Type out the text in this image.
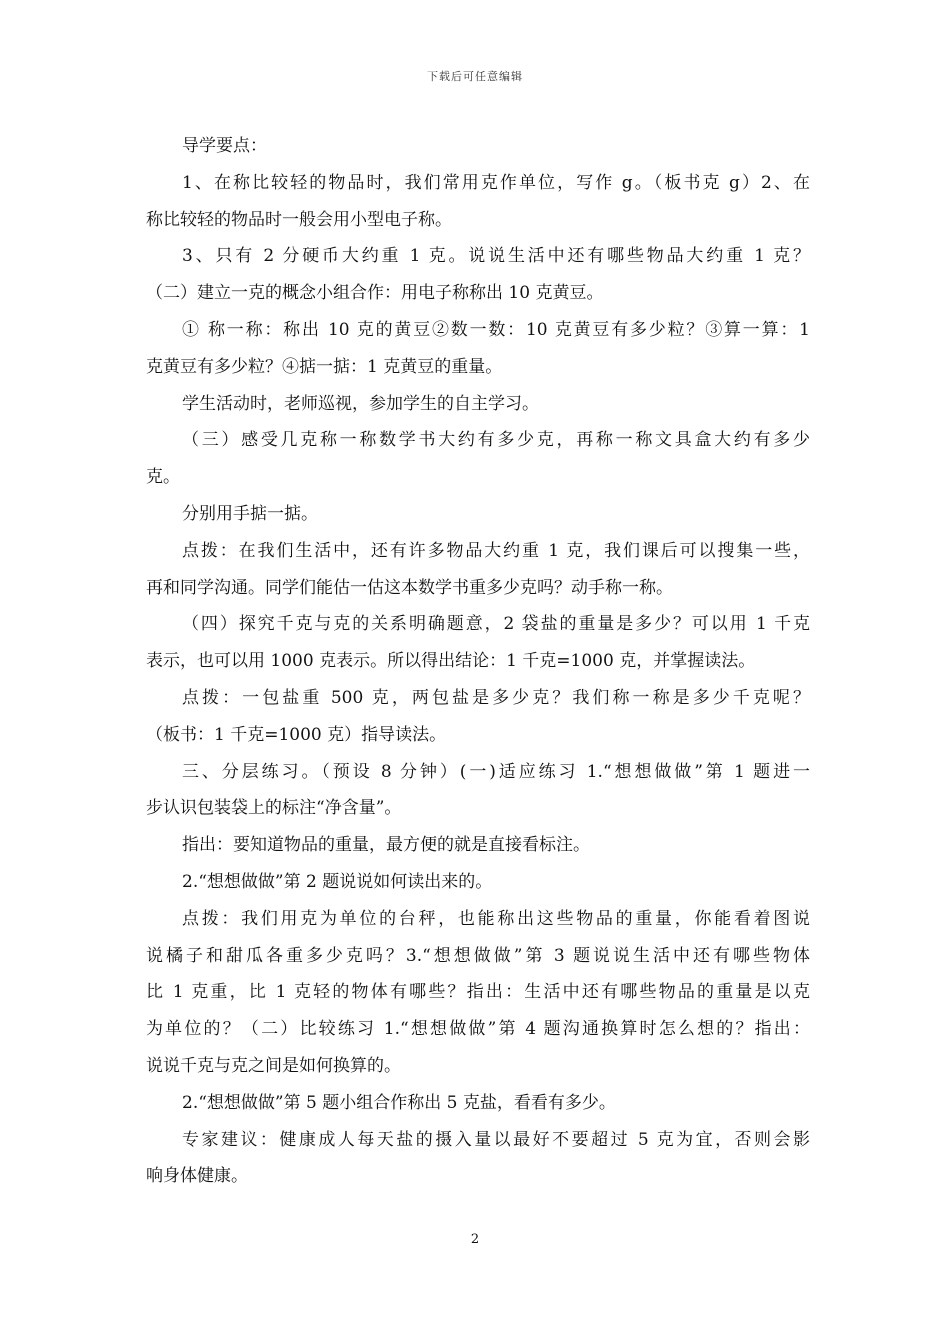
下载后可任意编辑
导学要点：
1、在称比较轻的物品时，我们常用克作单位，写作 g。（板书克 g）2、在
称比较轻的物品时一般会用小型电子称。
3、只有 2 分硬币大约重 1 克。说说生活中还有哪些物品大约重 1 克？
（二）建立一克的概念小组合作：用电子称称出 10 克黄豆。
① 称一称：称出 10 克的黄豆②数一数：10 克黄豆有多少粒？③算一算：1
克黄豆有多少粒？④掂一掂：1 克黄豆的重量。
学生活动时，老师巡视，参加学生的自主学习。
（三）感受几克称一称数学书大约有多少克，再称一称文具盒大约有多少
克。
分别用手掂一掂。
点拨：在我们生活中，还有许多物品大约重 1 克，我们课后可以搜集一些，
再和同学沟通。同学们能估一估这本数学书重多少克吗？动手称一称。
（四）探究千克与克的关系明确题意，2 袋盐的重量是多少？可以用 1 千克
表示，也可以用 1000 克表示。所以得出结论：1 千克=1000 克，并掌握读法。
点拨：一包盐重 500 克，两包盐是多少克？我们称一称是多少千克呢？
（板书：1 千克=1000 克）指导读法。
三、分层练习。（预设 8 分钟）(一)适应练习 1.“想想做做”第 1 题进一
步认识包装袋上的标注“净含量”。
指出：要知道物品的重量，最方便的就是直接看标注。
2.“想想做做”第 2 题说说如何读出来的。
点拨：我们用克为单位的台秤，也能称出这些物品的重量，你能看着图说
说橘子和甜瓜各重多少克吗？3.“想想做做”第 3 题说说生活中还有哪些物体
比 1 克重，比 1 克轻的物体有哪些？指出：生活中还有哪些物品的重量是以克
为单位的？（二）比较练习 1.“想想做做”第 4 题沟通换算时怎么想的？指出：
说说千克与克之间是如何换算的。
2.“想想做做”第 5 题小组合作称出 5 克盐，看看有多少。
专家建议：健康成人每天盐的摄入量以最好不要超过 5 克为宜，否则会影
响身体健康。
2
